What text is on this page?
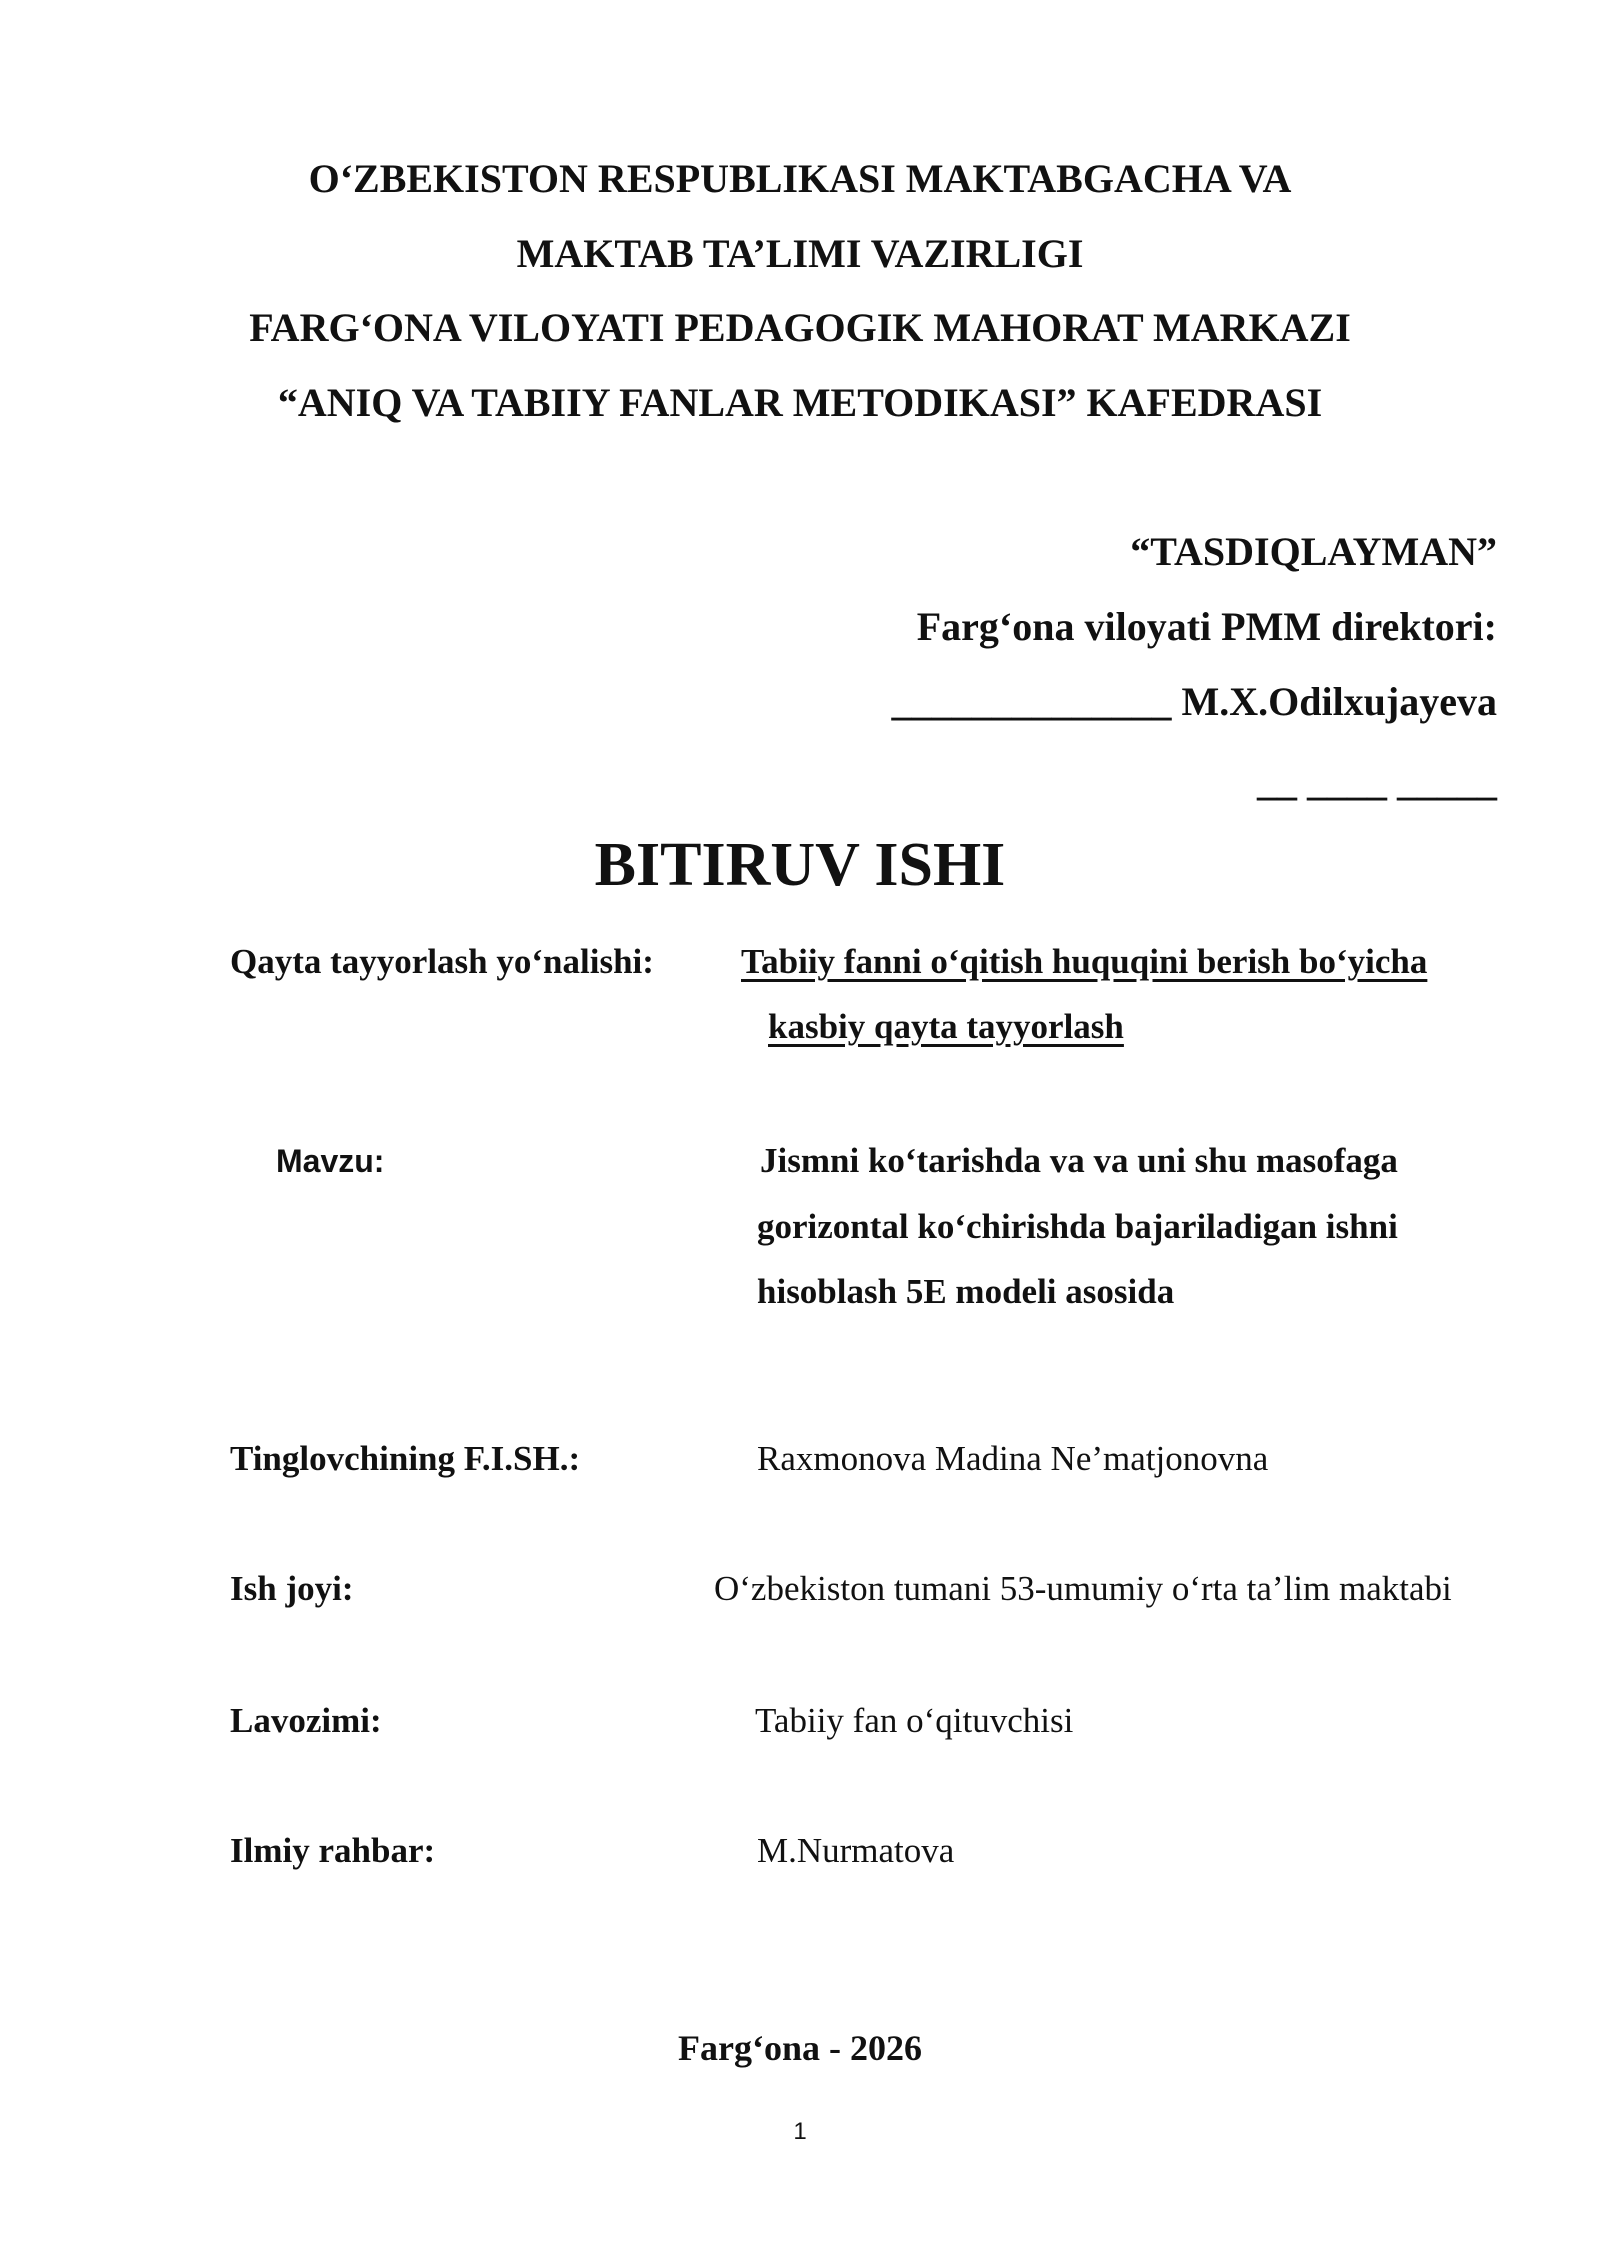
O‘ZBEKISTON RESPUBLIKASI MAKTABGACHA VA
MAKTAB TA’LIMI VAZIRLIGI
FARG‘ONA VILOYATI PEDAGOGIK MAHORAT MARKAZI
“ANIQ VA TABIIY FANLAR METODIKASI” KAFEDRASI
“TASDIQLAYMAN”
Farg‘ona viloyati PMM direktori:
______________ M.X.Odilxujayeva
__ ____ _____
BITIRUV ISHI
Qayta tayyorlash yo‘nalishi: Tabiiy fanni o‘qitish huquqini berish bo‘yicha
kasbiy qayta tayyorlash
Mavzu:	Jismni ko‘tarishda va va uni shu masofaga
gorizontal ko‘chirishda bajariladigan ishni
hisoblash 5E modeli asosida
Tinglovchining F.I.SH.:	Raxmonova Madina Ne’matjonovna
Ish joyi:	O‘zbekiston tumani 53-umumiy o‘rta ta’lim maktabi
Lavozimi:	Tabiiy fan o‘qituvchisi
Ilmiy rahbar:	M.Nurmatova
Farg‘ona - 2026
1
